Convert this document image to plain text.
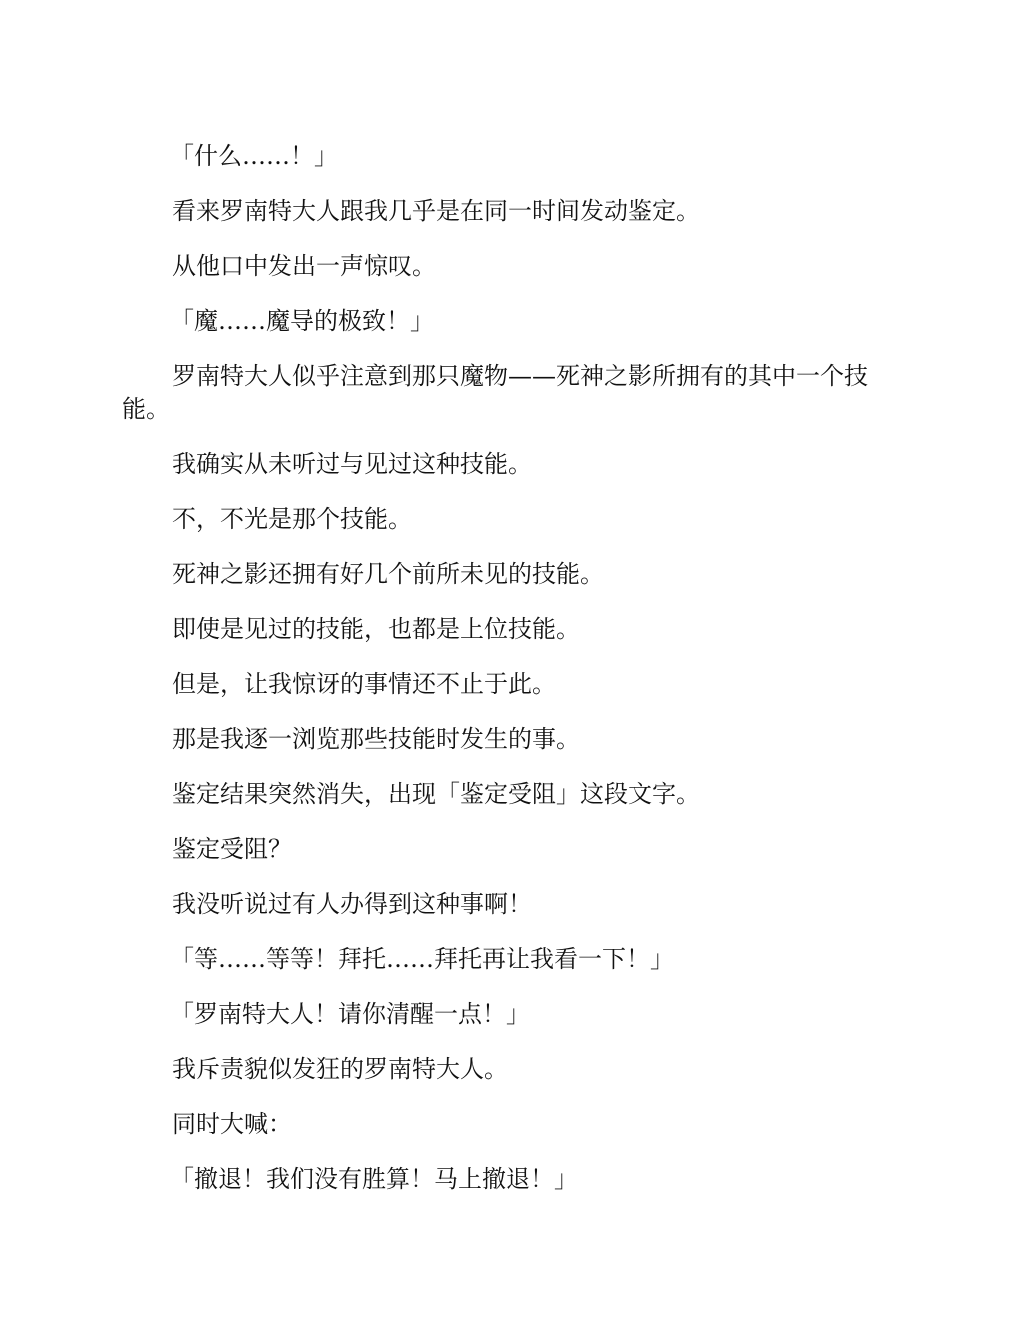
「什么……！」

看来罗南特大人跟我几乎是在同一时间发动鉴定。

从他口中发出一声惊叹。

「魔……魔导的极致！」

罗南特大人似乎注意到那只魔物——死神之影所拥有的其中一个技能。

我确实从未听过与见过这种技能。

不，不光是那个技能。

死神之影还拥有好几个前所未见的技能。

即使是见过的技能，也都是上位技能。

但是，让我惊讶的事情还不止于此。

那是我逐一浏览那些技能时发生的事。

鉴定结果突然消失，出现「鉴定受阻」这段文字。

鉴定受阻？

我没听说过有人办得到这种事啊！

「等……等等！拜托……拜托再让我看一下！」

「罗南特大人！请你清醒一点！」

我斥责貌似发狂的罗南特大人。

同时大喊：

「撤退！我们没有胜算！马上撤退！」
